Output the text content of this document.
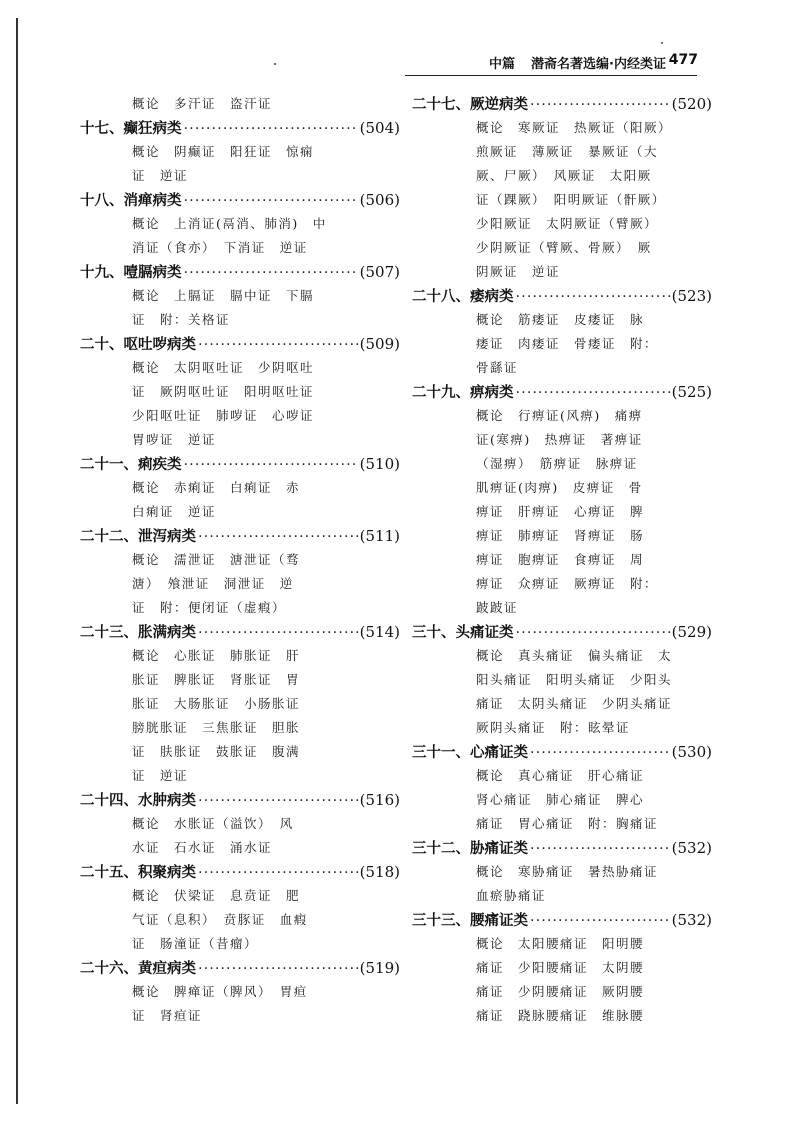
中篇 潜斋名著选编·内经类证 477
概论　多汗证　盗汗证
十七、 癫狂病类 ·····	(504)
概论　阴癫证　阳狂证　惊痫
证　逆证
十八、 消瘅病类 ·····	(506)
概论　上消证(鬲消、肺消)　中
消证（食亦）　下消证　逆证
十九、 噎膈病类 ·····	(507)
概论　上膈证　膈中证　下膈
证　附：关格证
二十、 呕吐哕病类 ·····	(509)
概论　太阴呕吐证　少阴呕吐
证　厥阴呕吐证　阳明呕吐证
少阳呕吐证　肺哕证　心哕证
胃哕证　逆证
二十一、 痢疾类 ·····	(510)
概论　赤痢证　白痢证　赤
白痢证　逆证
二十二、 泄泻病类 ·····	(511)
概论　濡泄证　溏泄证（骛
溏）　飧泄证　洞泄证　逆
证　附：便闭证（虚瘕）
二十三、 胀满病类 ·····	(514)
概论　心胀证　肺胀证　肝
胀证　脾胀证　肾胀证　胃
胀证　大肠胀证　小肠胀证
膀胱胀证　三焦胀证　胆胀
证　肤胀证　鼓胀证　腹满
证　逆证
二十四、 水肿病类 ·····	(516)
概论　水胀证（溢饮）　风
水证　石水证　涌水证
二十五、 积聚病类 ·····	(518)
概论　伏梁证　息贲证　肥
气证（息积）　贲豚证　血瘕
证　肠潼证（昔瘤）
二十六、 黄疸病类 ·····	(519)
概论　脾瘅证（脾风）　胃疸
证　肾疸证
二十七、 厥逆病类 ·····	(520)
概论　寒厥证　热厥证（阳厥）
煎厥证　薄厥证　暴厥证（大
厥、尸厥）　风厥证　太阳厥
证（踝厥）　阳明厥证（骭厥）
少阳厥证　太阴厥证（臂厥）
少阴厥证（臂厥、骨厥）　厥
阴厥证　逆证
二十八、 痿病类 ·····	(523)
概论　筋痿证　皮痿证　脉
痿证　肉痿证　骨痿证　附：
骨繇证
二十九、 痹病类 ·····	(525)
概论　行痹证(风痹)　痛痹
证(寒痹)　热痹证　著痹证
（湿痹）　筋痹证　脉痹证
肌痹证(肉痹)　皮痹证　骨
痹证　肝痹证　心痹证　脾
痹证　肺痹证　肾痹证　肠
痹证　胞痹证　食痹证　周
痹证　众痹证　厥痹证　附：
跛跛证
三十、 头痛证类 ·····	(529)
概论　真头痛证　偏头痛证　太
阳头痛证　阳明头痛证　少阳头
痛证　太阴头痛证　少阴头痛证
厥阴头痛证　附：眩晕证
三十一、 心痛证类 ·····	(530)
概论　真心痛证　肝心痛证
肾心痛证　肺心痛证　脾心
痛证　胃心痛证　附：胸痛证
三十二、 胁痛证类 ·····	(532)
概论　寒胁痛证　暑热胁痛证
血瘀胁痛证
三十三、 腰痛证类 ·····	(532)
概论　太阳腰痛证　阳明腰
痛证　少阳腰痛证　太阴腰
痛证　少阴腰痛证　厥阴腰
痛证　跷脉腰痛证　维脉腰
